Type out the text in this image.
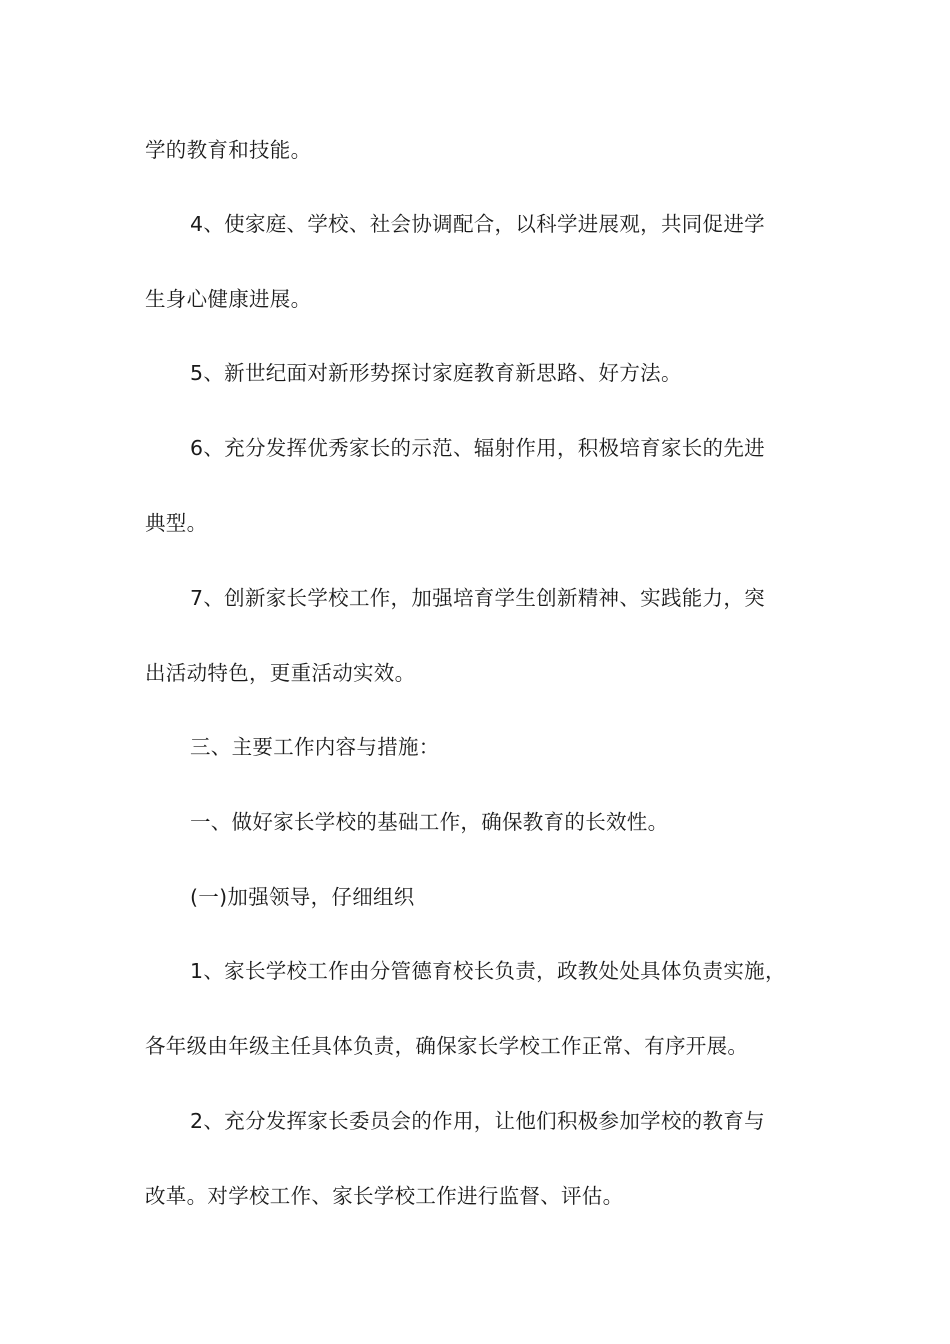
学的教育和技能。
4、使家庭、学校、社会协调配合，以科学进展观，共同促进学
生身心健康进展。
5、新世纪面对新形势探讨家庭教育新思路、好方法。
6、充分发挥优秀家长的示范、辐射作用，积极培育家长的先进
典型。
7、创新家长学校工作，加强培育学生创新精神、实践能力，突
出活动特色，更重活动实效。
三、主要工作内容与措施：
一、做好家长学校的基础工作，确保教育的长效性。
(一)加强领导，仔细组织
1、家长学校工作由分管德育校长负责，政教处处具体负责实施，
各年级由年级主任具体负责，确保家长学校工作正常、有序开展。
2、充分发挥家长委员会的作用，让他们积极参加学校的教育与
改革。对学校工作、家长学校工作进行监督、评估。
